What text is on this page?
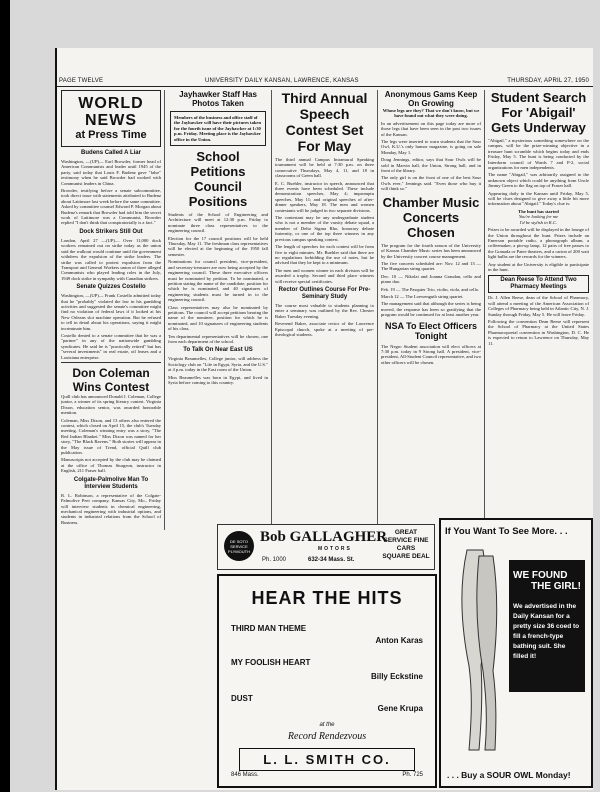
PAGE TWELVE	UNIVERSITY DAILY KANSAN, LAWRENCE, KANSAS	THURSDAY, APRIL 27, 1950
WORLD NEWS
at Press Time
Budens Called A Liar

Washington, —(UP)— Earl Browder, former head of American Communists and leader until 1945 of the party, said today that Louis F. Budenz gave "false" testimony when he said Browder had worked with Communist leaders in China.

Browder, testifying before a senate subcommittee, took direct issue with statements attributed to Budenz about Lattimore last week before the same committee. Asked by committee counsel Edward P. Morgan about Budenz's remark that Browder had told him the secret work of Lattimore was a Communist, Browder replied "I don't think that conspiratorially is a fact."

Dock Strikers Still Out

London, April 27 —(UP)— Over 11,000 dock workers remained out on strike today as the union said the walkout would continue until the government withdrew the expulsion of the strike leaders. The strike was called to protest expulsion from the Transport and General Workers union of three alleged Communists who played leading roles in the July, 1949 dock strike in sympathy with Canadian strikers.

Senate Quizzes Costello

Washington, —(UP)— Frank Costello admitted today that he "probably" violated the law in his gambling activities and suggested the senate's committee might find no violation of federal laws if it looked at his New Orleans slot machine operation. But he refused to tell in detail about his operations, saying it might incriminate him.

Costello denied to a senate committee that he was a "partner" in any of the nationwide gambling syndicates. He said he is "practically retired" but has "several investments" in real estate, oil leases and a Louisiana enterprise.

Don Coleman Wins Contest

Quill club has announced Donald J. Coleman, College junior, a winner of its spring literary contest. Virginia Dixon, education senior, was awarded honorable mention.

Coleman, Miss Dixon, and 13 others also entered the contest, which closed on April 15, the club's Tuesday meeting. Coleman's winning entry was a story, "The Red Indian Blanket." Miss Dixon was named for her story, "The Black Ravens." Both stories will appear in the May issue of Trend, official Quill club publication.

Manuscripts not accepted by the club may be claimed at the office of Thomas Sturgeon, instructor in English, 211 Fraser hall.

Colgate-Palmolive Man To Interview Students

R. L. Robinson, a representative of the Colgate-Palmolive Peet company, Kansas City, Mo., Friday will interview students in chemical engineering, mechanical engineering with industrial options, and students in industrial relations from the School of Business.

Jayhawker Staff Has Photos Taken
Members of the business and office staff of the Jayhawker will have their pictures taken for the fourth issue of the Jayhawker at 1:30 p.m. Friday. Meeting place is the Jayhawker office in the Union.
School Petitions Council Positions

Students of the School of Engineering and Architecture will meet at 12:30 p.m. Friday to nominate three class representatives to the engineering council.

Election for the 17 council positions will be held Thursday, May 11. The freshman class representatives will be elected at the beginning of the 1950 fall semester.

Nominations for council president, vice-president, and secretary-treasurer are now being accepted by the engineering council. These three executive officers must be nominated by petition. To be nominated, a petition stating the name of the candidate, position for which he is nominated, and 40 signatures of engineering students must be turned in to the engineering council.

Class representatives may also be nominated by petitions. The council will accept petitions bearing the name of the nominee, position for which he is nominated, and 10 signatures of engineering students of his class.

Ten departmental representatives will be chosen, one from each department of the school.

To Talk On Near East US

Virginia Beaumelles, College junior, will address the Sociology club on "Life in Egypt, Syria, and the U.S." at 4 p.m. today in the East room of the Union.

Miss Beaumelles was born in Egypt, and lived in Syria before coming to this country.

Third Annual Speech Contest Set For May

The third annual Campus Intramural Speaking tournament will be held at 7:30 p.m. on three consecutive Thursdays, May 4, 11, and 18 in classrooms of Green hall.

E. C. Buehler, instructor in speech, announced that three events have been scheduled. These include demonstration speeches, May 4; impromptu speeches, May 11; and original speeches of after-dinner speakers, May 18. The men and women contestants will be judged in two separate divisions.

The contestant may be any undergraduate student who is not a member of the varsity debate squad, a member of Delta Sigma Rho, honorary debate fraternity, or one of the top three winners in any previous campus speaking contest.

The length of speeches for each contest will be from five to eight minutes. Mr. Buehler said that there are no regulations forbidding the use of notes, but he advised that they be kept to a minimum.

The men and women winner in each division will be awarded a trophy. Second and third place winners will receive special certificates.

Rector Outlines Course For Pre-Seminary Study

The course most valuable to students planning to enter a seminary was outlined by the Rev. Chester Baker Tuesday evening.

Reverend Baker, associate rector of the Lawrence Episcopal church, spoke at a meeting of pre-theological students.

Anonymous Gams Keep On Growing

Whose legs are they? That we don't know, but we have found out what they were doing.

In an advertisement on this page today are more of those legs that have been seen in the past two issues of the Kansan.

The legs were inserted to warn students that the Sour Owl, K.U.'s only humor magazine, is going on sale Monday, May 1.

Doug Jennings, editor, says that Sour Owls will be sold in Marvin hall, the Union, Strong hall, and in front of the library.

The only girl is on the front of one of the best Sour Owls ever," Jennings said. "Even those who buy it will think so."

Chamber Music Concerts Chosen

The program for the fourth season of the University of Kansas Chamber Music series has been announced by the University concert course management.

The five concerts scheduled are: Nov. 12 and 13 — The Hungarian string quartet.

Dec. 10 — Nikolai and Joanna Graudan, cello and piano duo.

Feb. 19 — The Pasquier Trio, violin, viola, and cello.

March 12 — The Loewenguth string quartet.

The management said that although the series is being moved, the response has been so gratifying that the program would be continued for at least another year.

NSA To Elect Officers Tonight

The Negro Student association will elect officers at 7:30 p.m. today in 9 Strong hall. A president, vice-president, All-Student Council representative, and two other officers will be chosen.

Student Search For 'Abigail' Gets Underway

"Abigail," a mysterious something somewhere on the campus, will be the prize-winning objective in a treasure hunt scramble which begins today and ends Friday, May 5. The hunt is being conducted by the Interdorm council of Wards 7 and P-2, social organizations for men independents.

The name "Abigail," was arbitrarily assigned to the unknown object which could be anything from Uncle Jimmy Green to the flag on top of Fraser hall.

Appearing daily in the Kansan until Friday, May 5, will be clues designed to give away a little bit more information about "Abigail." Today's clue is:

The hunt has started

You're looking for me

I'd be stylish in K.C.

Prizes to be awarded will be displayed in the lounge of the Union throughout the hunt. Prizes include an Emerson portable radio, a phonograph album, a coffeemaker, a pin-up lamp, 12 pairs of free passes to the Granada or Patee theaters, and a carton of 200 watt light bulbs are the rewards for the winners.

Any student at the University is eligible to participate in the hunt.

Dean Reese To Attend Two Pharmacy Meetings

Dr. J. Allen Reese, dean of the School of Pharmacy, will attend a meeting of the American Association of Colleges of Pharmacy being held in Atlantic City, N. J. Sunday through Friday, May 5. He will leave Friday.

Following the convention Dean Reese will represent the School of Pharmacy at the United States Pharmacopoeial convention in Washington, D. C. He is expected to return to Lawrence on Thursday, May 11.

DE SOTO SERVICE PLYMOUTH
Bob GALLAGHER
MOTORS
Ph. 1000	632-34 Mass. St.
GREAT SERVICE FINE CARS SQUARE DEAL
HEAR THE HITS
THIRD MAN THEME
Anton Karas
MY FOOLISH HEART
Billy Eckstine
DUST
Gene Krupa
at the
Record Rendezvous
L. L. SMITH CO.
846 Mass.	Ph. 725
If You Want To See More. . .
WE FOUND
THE GIRL!
We advertised in the Daily Kansan for a pretty size 36 coed to fill a french-type bathing suit. She filled it!
. . . Buy a SOUR OWL Monday!
